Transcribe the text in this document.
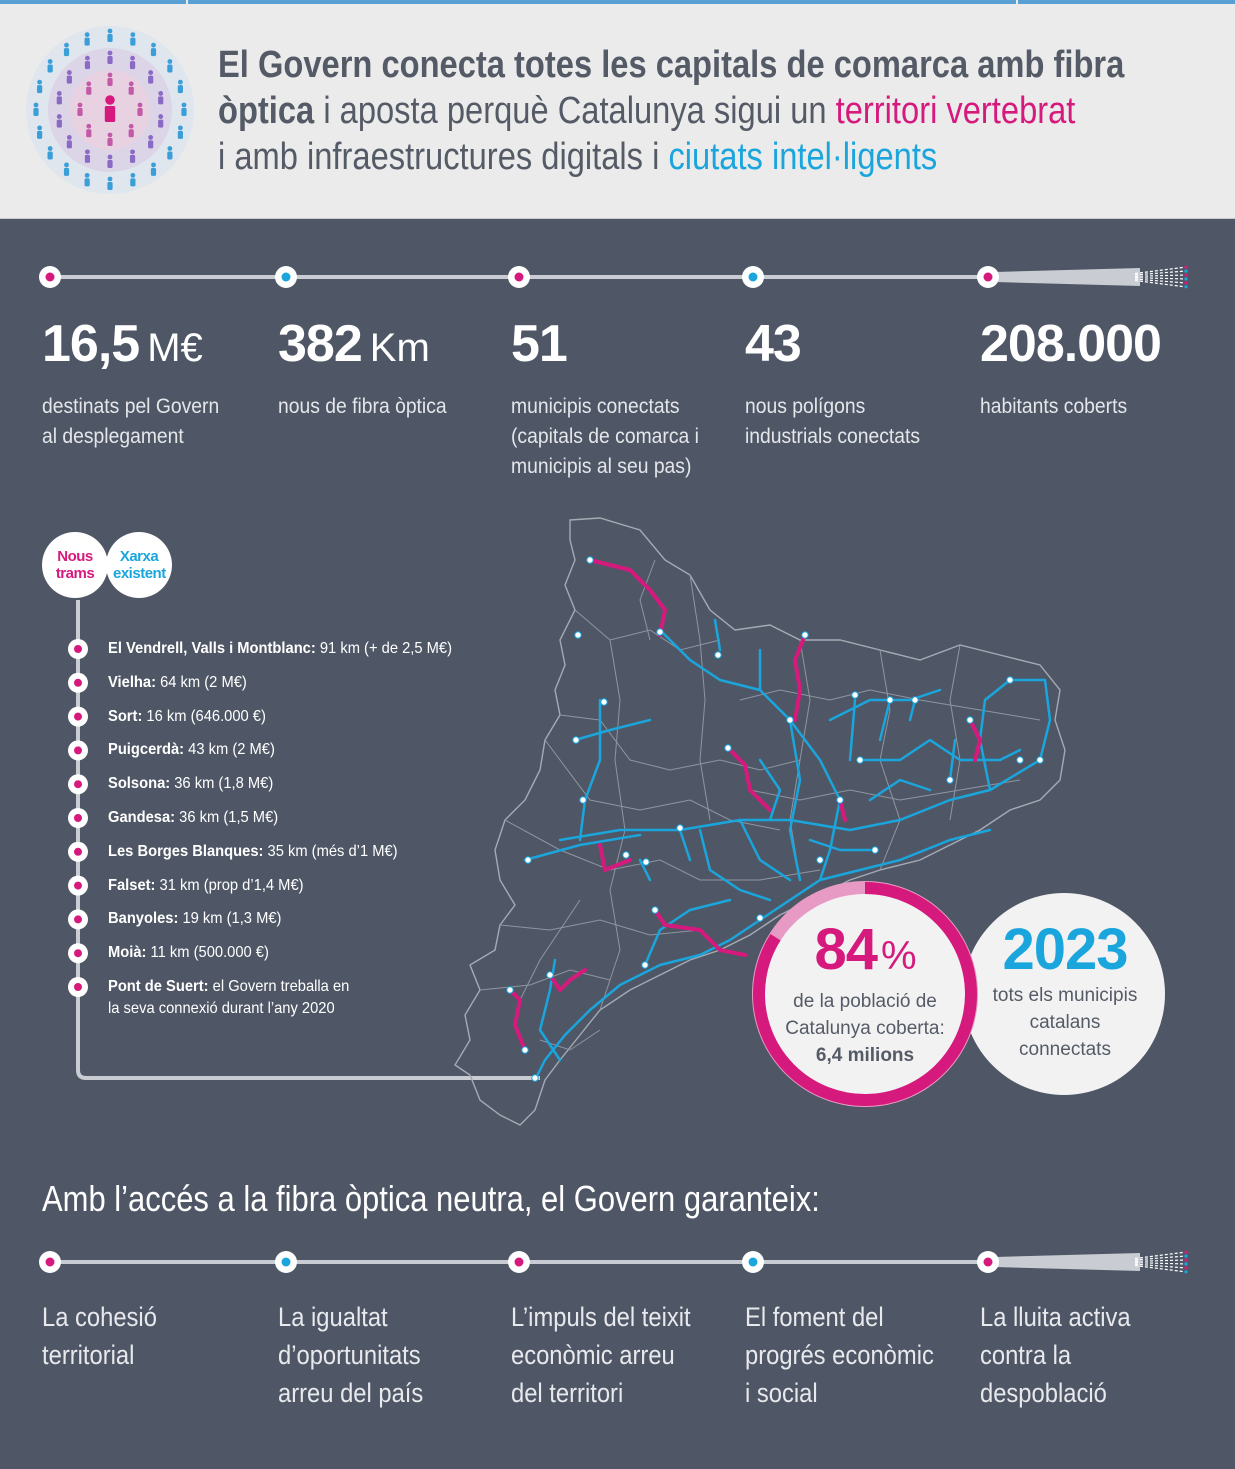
El Govern conecta totes les capitals de comarca amb fibra
òptica i aposta perquè Catalunya sigui un territori vertebrat
i amb infraestructures digitals i ciutats intel·ligents
16,5 M€ 382 Km 51	43	208.000
destinats pel Govern
al desplegament
nous de fibra òptica	municipis conectats
(capitals de comarca i
municipis al seu pas)
nous polígons
industrials conectats
habitants coberts
Nous trams
Xarxa existent
El Vendrell, Valls i Montblanc: 91 km (+ de 2,5 M€)
Vielha: 64 km (2 M€)
Sort: 16 km (646.000 €)
Puigcerdà: 43 km (2 M€)
Solsona: 36 km (1,8 M€)
Gandesa: 36 km (1,5 M€)
Les Borges Blanques: 35 km (més d’1 M€)
Falset: 31 km (prop d’1,4 M€)
Banyoles: 19 km (1,3 M€)
Moià: 11 km (500.000 €)
Pont de Suert: el Govern treballa en
la seva connexió durant l’any 2020
84 %
de la població de
Catalunya coberta:
6,4 milions
2023
tots els municipis
catalans
connectats
Amb l’accés a la fibra òptica neutra, el Govern garanteix:
La cohesió
territorial
La igualtat
d’oportunitats
arreu del país
L’impuls del teixit
econòmic arreu
del territori
El foment del
progrés econòmic
i social
La lluita activa
contra la
despoblació
